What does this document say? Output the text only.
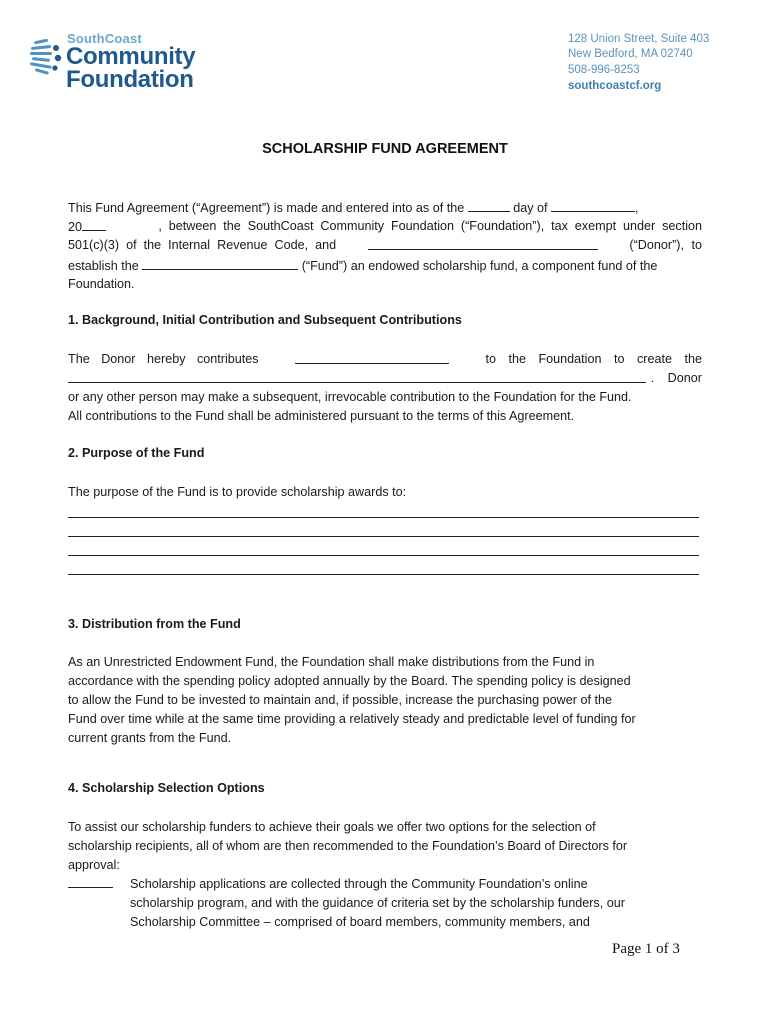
SouthCoast
Community
Foundation
128 Union Street, Suite 403
New Bedford, MA 02740
508-996-8253
southcoastcf.org
SCHOLARSHIP FUND AGREEMENT
This Fund Agreement (“Agreement”) is made and entered into as of the	day of	,
20	, between the SouthCoast Community Foundation (“Foundation”), tax exempt under section
501(c)(3) of the Internal Revenue Code, and	(“Donor”), to
establish the	(“Fund”) an endowed scholarship fund, a component fund of the
Foundation.
1. Background, Initial Contribution and Subsequent Contributions
The Donor hereby contributes	to the Foundation to create the
. Donor
or any other person may make a subsequent, irrevocable contribution to the Foundation for the Fund.
All contributions to the Fund shall be administered pursuant to the terms of this Agreement.
2. Purpose of the Fund
The purpose of the Fund is to provide scholarship awards to:
3. Distribution from the Fund
As an Unrestricted Endowment Fund, the Foundation shall make distributions from the Fund in
accordance with the spending policy adopted annually by the Board. The spending policy is designed
to allow the Fund to be invested to maintain and, if possible, increase the purchasing power of the
Fund over time while at the same time providing a relatively steady and predictable level of funding for
current grants from the Fund.
4. Scholarship Selection Options
To assist our scholarship funders to achieve their goals we offer two options for the selection of
scholarship recipients, all of whom are then recommended to the Foundation’s Board of Directors for
approval:
Scholarship applications are collected through the Community Foundation’s online
scholarship program, and with the guidance of criteria set by the scholarship funders, our
Scholarship Committee – comprised of board members, community members, and
Page 1 of 3
